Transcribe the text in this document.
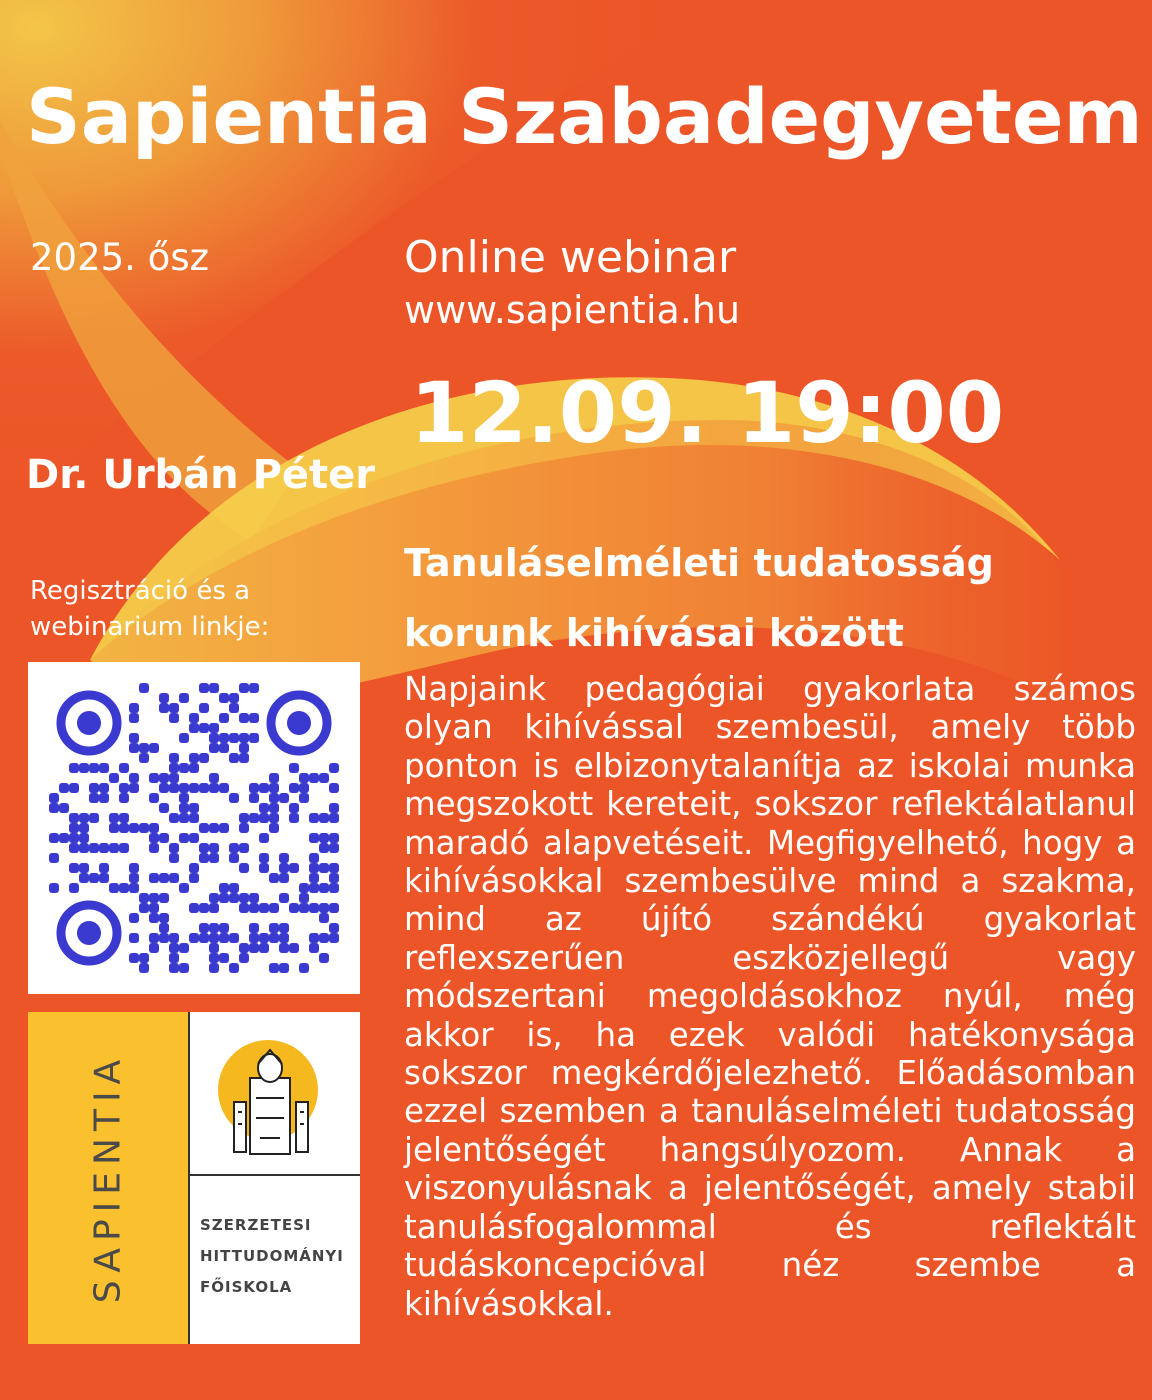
Sapientia Szabadegyetem
2025. ősz	Online webinar
www.sapientia.hu
12.09. 19:00
Dr. Urbán Péter
Regisztráció és a webinarium linkje:
Tanuláselméleti tudatosság korunk kihívásai között
Napjaink pedagógiai gyakorlata számos olyan kihívással szembesül, amely több ponton is elbizonytalanítja az iskolai munka megszokott kereteit, sokszor reflektálatlanul maradó alapvetéseit. Megfigyelhető, hogy a kihívásokkal szembesülve mind a szakma, mind az újító szándékú gyakorlat reflexszerűen eszközjellegű vagy módszertani megoldásokhoz nyúl, még akkor is, ha ezek valódi hatékonysága sokszor megkérdőjelezhető. Előadásomban ezzel szemben a tanuláselméleti tudatosság jelentőségét hangsúlyozom. Annak a viszonyulásnak a jelentőségét, amely stabil tanulásfogalommal és reflektált tudáskoncepcióval néz szembe a kihívásokkal.
SAPIENTIA	SZERZETESI
HITTUDOMÁNYI
FŐISKOLA
